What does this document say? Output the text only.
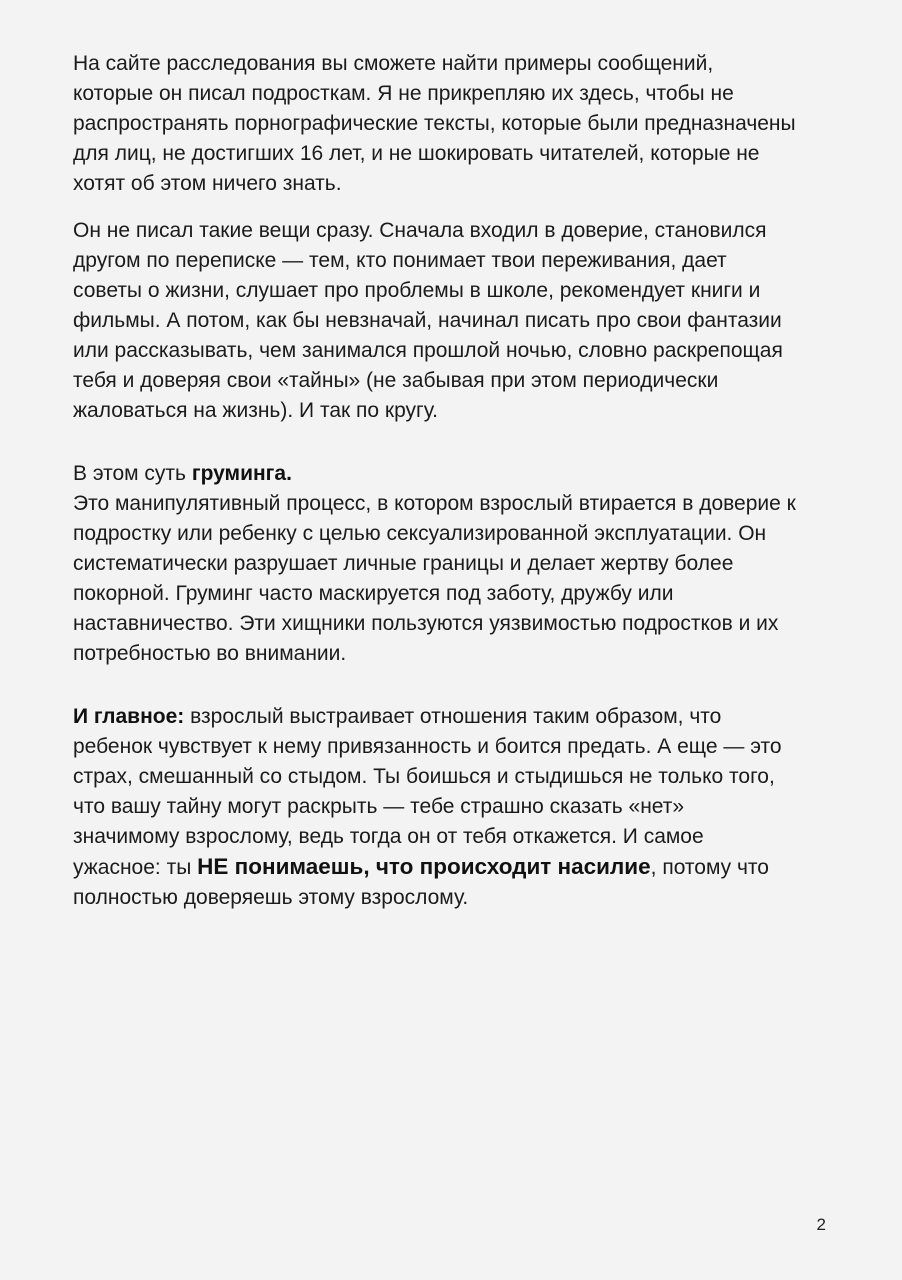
На сайте расследования вы сможете найти примеры сообщений,
которые он писал подросткам. Я не прикрепляю их здесь, чтобы не
распространять порнографические тексты, которые были предназначены
для лиц, не достигших 16 лет, и не шокировать читателей, которые не
хотят об этом ничего знать.

Он не писал такие вещи сразу. Сначала входил в доверие, становился
другом по переписке — тем, кто понимает твои переживания, дает
советы о жизни, слушает про проблемы в школе, рекомендует книги и
фильмы. А потом, как бы невзначай, начинал писать про свои фантазии
или рассказывать, чем занимался прошлой ночью, словно раскрепощая
тебя и доверяя свои «тайны» (не забывая при этом периодически
жаловаться на жизнь). И так по кругу.

В этом суть груминга.
Это манипулятивный процесс, в котором взрослый втирается в доверие к
подростку или ребенку с целью сексуализированной эксплуатации. Он
систематически разрушает личные границы и делает жертву более
покорной. Груминг часто маскируется под заботу, дружбу или
наставничество. Эти хищники пользуются уязвимостью подростков и их
потребностью во внимании.

И главное: взрослый выстраивает отношения таким образом, что
ребенок чувствует к нему привязанность и боится предать. А еще — это
страх, смешанный со стыдом. Ты боишься и стыдишься не только того,
что вашу тайну могут раскрыть — тебе страшно сказать «нет»
значимому взрослому, ведь тогда он от тебя откажется. И самое
ужасное: ты НЕ понимаешь, что происходит насилие, потому что
полностью доверяешь этому взрослому.

2
